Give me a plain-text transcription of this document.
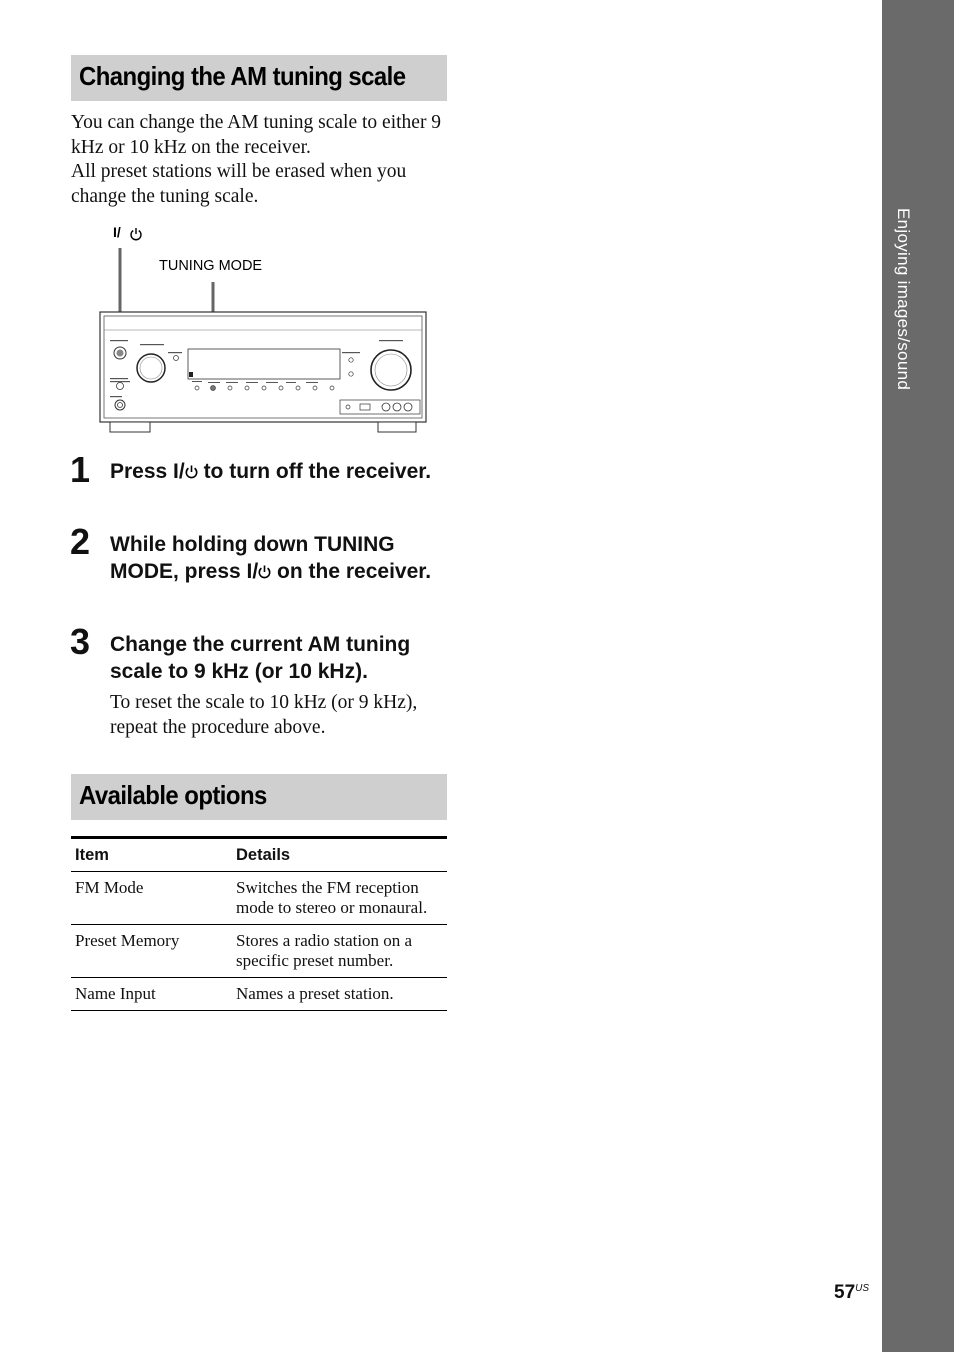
Enjoying images/sound
Changing the AM tuning scale

You can change the AM tuning scale to either 9 kHz or 10 kHz on the receiver.

All preset stations will be erased when you change the tuning scale.

I/
TUNING MODE
1 Press I/ to turn off the receiver.
2 While holding down TUNING MODE, press I/ on the receiver.
3 Change the current AM tuning scale to 9 kHz (or 10 kHz).

To reset the scale to 10 kHz (or 9 kHz), repeat the procedure above.

Available options
Item	Details
FM Mode	Switches the FM reception mode to stereo or monaural.
Preset Memory	Stores a radio station on a specific preset number.
Name Input	Names a preset station.
$57^{US}$
